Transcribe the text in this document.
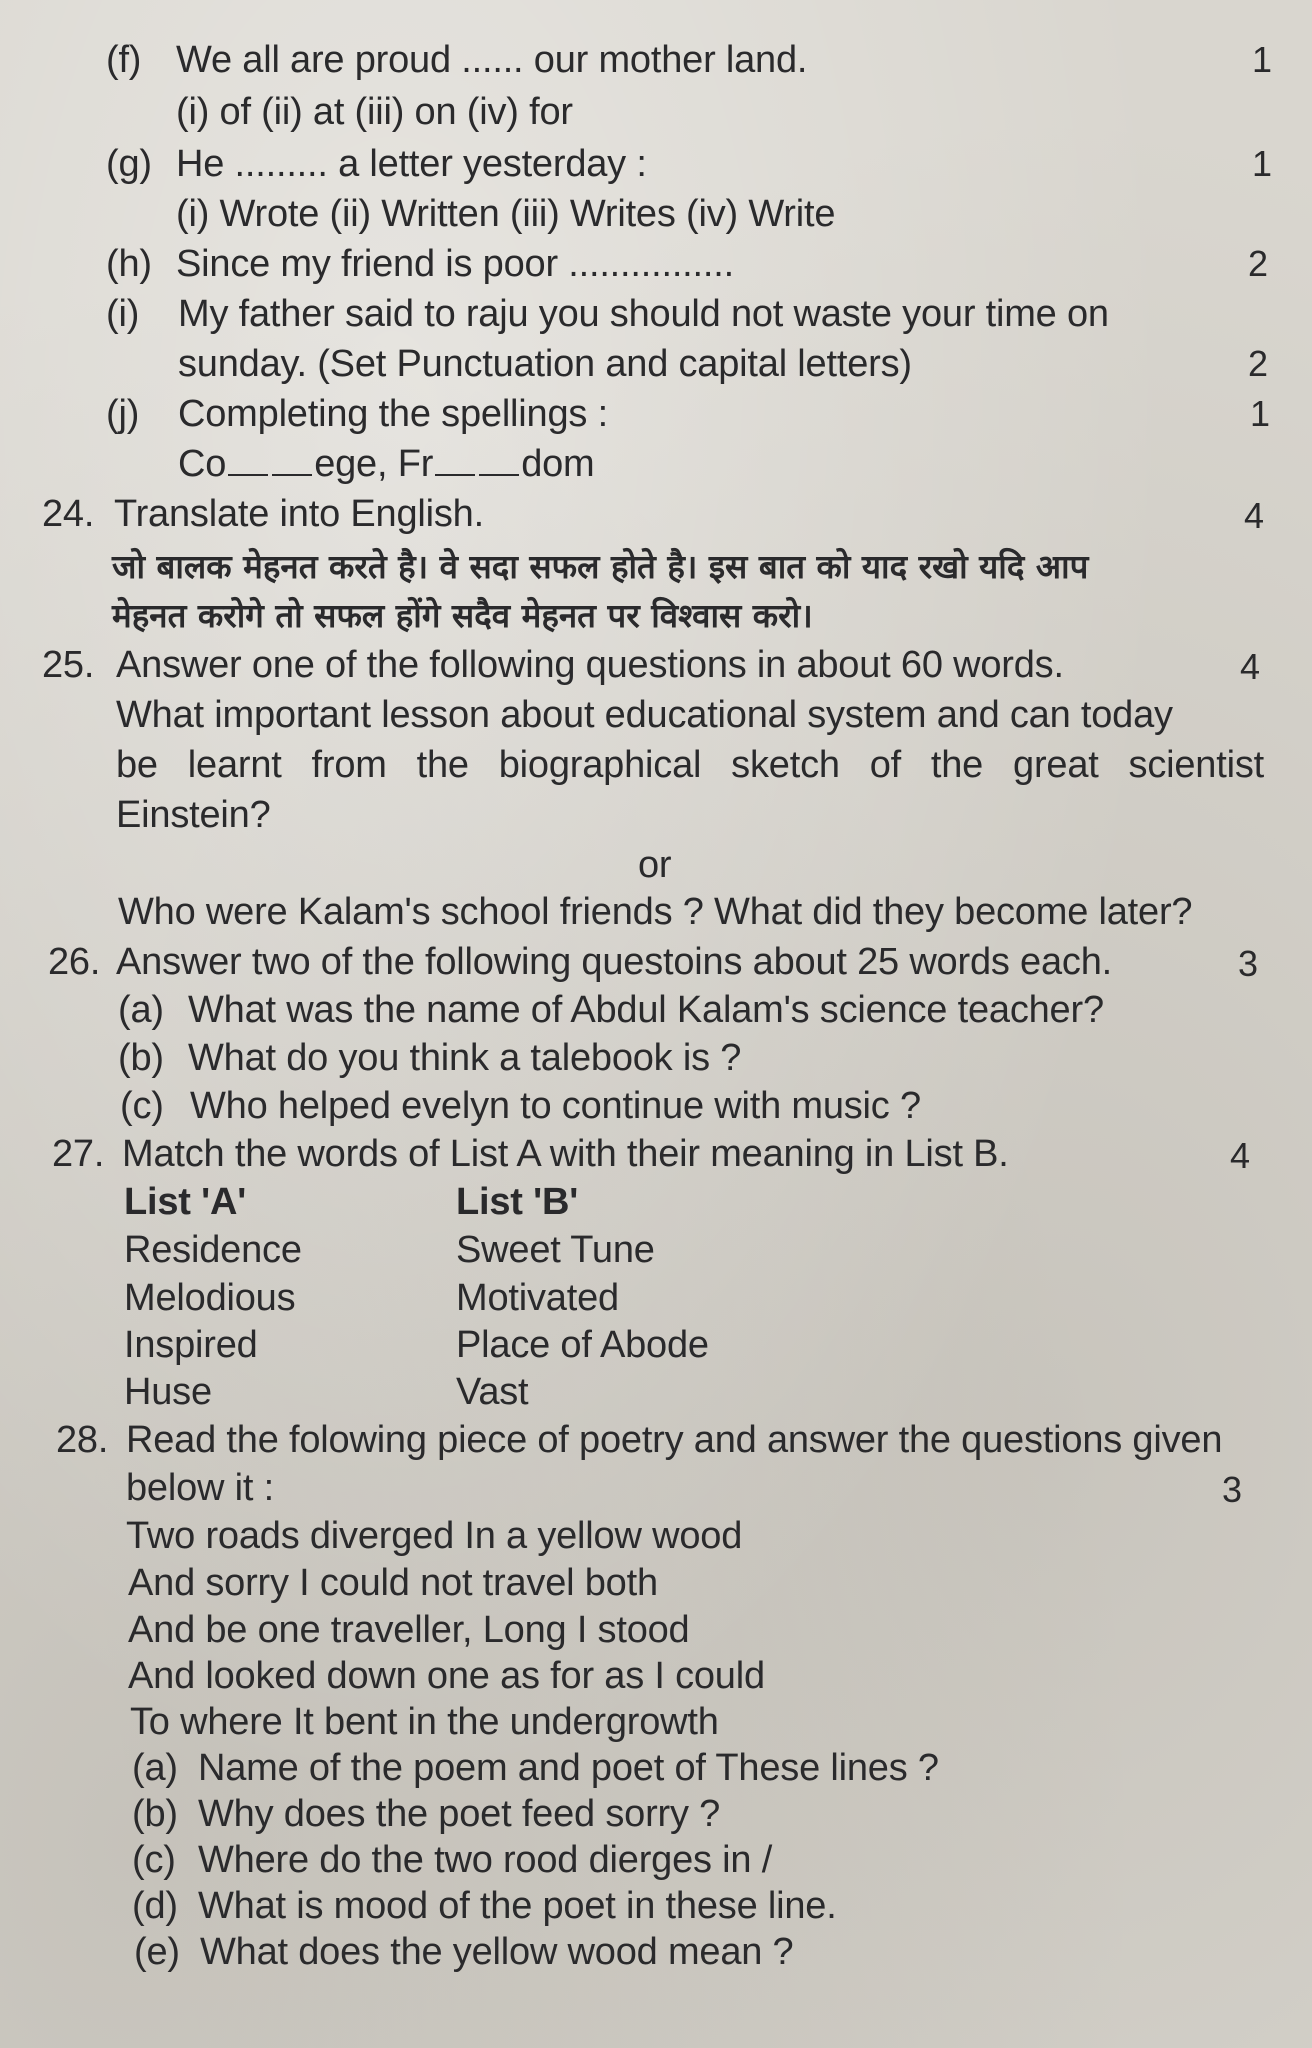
(f) We all are proud ...... our mother land.	1
(i) of (ii) at (iii) on (iv) for
(g) He ......... a letter yesterday :	1
(i) Wrote (ii) Written (iii) Writes (iv) Write
(h) Since my friend is poor ................	2
(i) My father said to raju you should not waste your time on
sunday. (Set Punctuation and capital letters)	2
(j) Completing the spellings :	1
Co ege, Fr dom
24. Translate into English.	4
जो बालक मेहनत करते है। वे सदा सफल होते है। इस बात को याद रखो यदि आप
मेहनत करोगे तो सफल होंगे सदैव मेहनत पर विश्वास करो।
25. Answer one of the following questions in about 60 words.	4
What important lesson about educational system and can today
be learnt from the biographical sketch of the great scientist
Einstein?
or
Who were Kalam's school friends ? What did they become later?
26. Answer two of the following questoins about 25 words each.	3
(a) What was the name of Abdul Kalam's science teacher?
(b) What do you think a talebook is ?
(c) Who helped evelyn to continue with music ?
27. Match the words of List A with their meaning in List B.	4
List 'A'	List 'B'
Residence	Sweet Tune
Melodious	Motivated
Inspired	Place of Abode
Huse	Vast
28. Read the folowing piece of poetry and answer the questions given
below it :	3
Two roads diverged In a yellow wood
And sorry I could not travel both
And be one traveller, Long I stood
And looked down one as for as I could
To where It bent in the undergrowth
(a) Name of the poem and poet of These lines ?
(b) Why does the poet feed sorry ?
(c) Where do the two rood dierges in /
(d) What is mood of the poet in these line.
(e) What does the yellow wood mean ?
